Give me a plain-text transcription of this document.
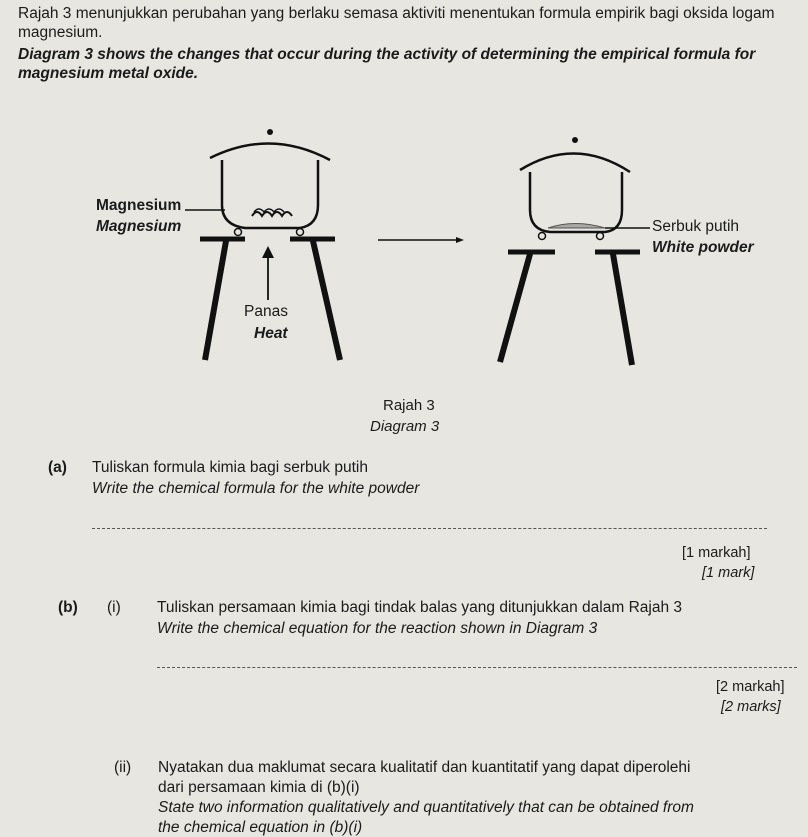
Rajah 3 menunjukkan perubahan yang berlaku semasa aktiviti menentukan formula empirik bagi oksida logam magnesium.
Diagram 3 shows the changes that occur during the activity of determining the empirical formula for magnesium metal oxide.
Magnesium
Magnesium
Panas
Heat
Serbuk putih
White powder
Rajah 3
Diagram 3
(a) Tuliskan formula kimia bagi serbuk putih
Write the chemical formula for the white powder
[1 markah]
[1 mark]
(b) (i) Tuliskan persamaan kimia bagi tindak balas yang ditunjukkan dalam Rajah 3
Write the chemical equation for the reaction shown in Diagram 3
[2 markah]
[2 marks]
(ii) Nyatakan dua maklumat secara kualitatif dan kuantitatif yang dapat diperolehi
dari persamaan kimia di (b)(i)
State two information qualitatively and quantitatively that can be obtained from
the chemical equation in (b)(i)
